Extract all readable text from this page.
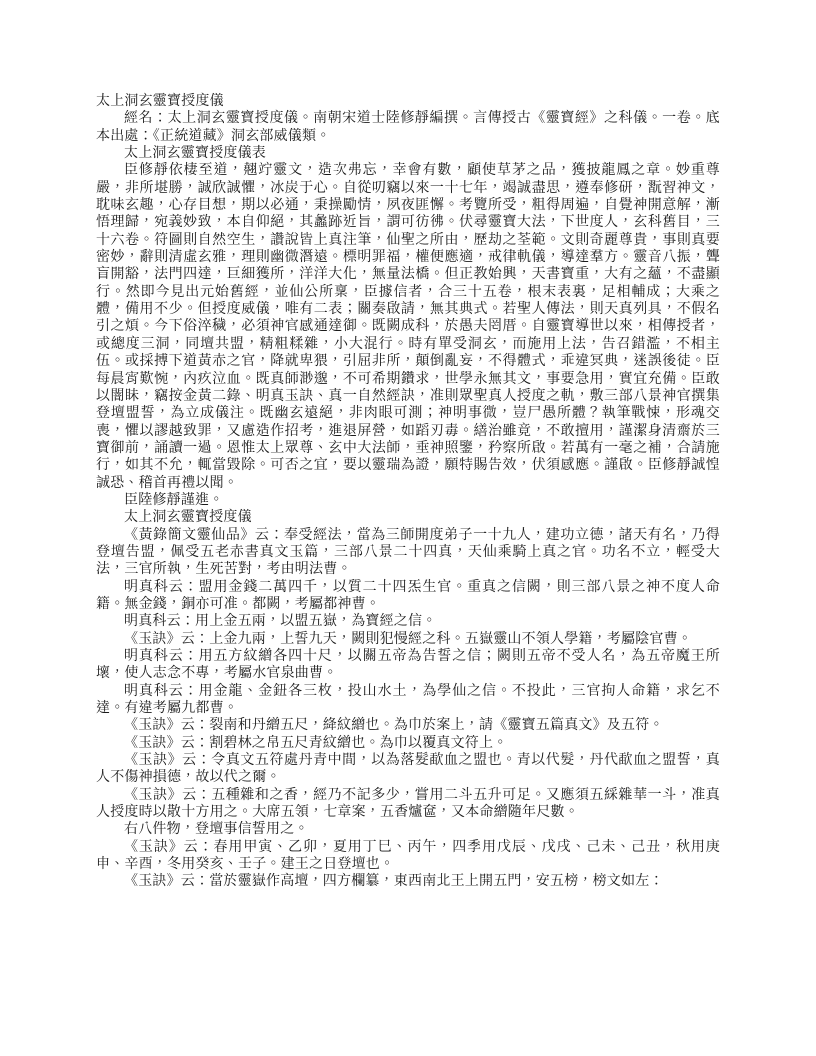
太上洞玄靈寶授度儀

經名：太上洞玄靈寶授度儀。南朝宋道士陸修靜編撰。言傳授古《靈寶經》之科儀。一卷。底本出處：《正統道藏》洞玄部威儀類。

太上洞玄靈寶授度儀表

臣修靜依棲至道，翹竚靈文，造次弗忘，幸會有數，顧使草茅之品，獲披龍鳳之章。妙重尊嚴，非所堪勝，誠欣誠懼，冰炭于心。自從叨竊以來一十七年，竭誠盡思，遵奉修研，翫習神文，耽味玄趣，心存目想，期以必通，秉操勵情，夙夜匪懈。考覽所受，粗得周遍，自覺神開意解，漸悟理歸，宛義妙致，本自仰絕，其蠡跡近旨，謂可彷彿。伏尋靈寶大法，下世度人，玄科舊目，三十六卷。符圖則自然空生，讚說皆上真注筆，仙聖之所由，歷劫之荃範。文則奇麗尊貴，事則真要密妙，辭則清虛玄雅，理則幽微潛遠。標明罪福，權便應適，戒律軌儀，導達羣方。靈音八振，聾盲開豁，法門四達，巨細獲所，洋洋大化，無量法橋。但正教始興，天書寶重，大有之蘊，不盡顯行。然即今見出元始舊經，並仙公所稟，臣據信者，合三十五卷，根末表裏，足相輔成；大乘之體，備用不少。但授度威儀，唯有二表；關奏啟請，無其典式。若聖人傳法，則天真列具，不假名引之煩。今下俗淬穢，必須神官感通達御。既闕成科，於愚夫罔厝。自靈寶導世以來，相傳授者，或總度三洞，同壇共盟，精粗糅雜，小大混行。時有單受洞玄，而施用上法，告召錯濫，不相主伍。或採搏下道黃赤之官，降就卑猥，引屈非所，顛倒亂妄，不得體式，乖違冥典，迷誤後徒。臣每晨宵歎惋，內疚泣血。既真師渺邈，不可希期鑽求，世學永無其文，事要急用，實宜充備。臣敢以闇眛，竊按金黃二錄、明真玉訣、真一自然經訣，准則眾聖真人授度之軌，敷三部八景神官撰集登壇盟誓，為立成儀注。既幽玄遠絕，非肉眼可測；神明事微，豈尸愚所體？執筆戰悚，形魂交喪，懼以謬越致罪，又慮造作招考，進退屏營，如蹈刃毒。繕治雖竟，不敢擅用，謹潔身清齋於三寶御前，誦讀一過。恩惟太上眾尊、玄中大法師，垂神照鑒，矜察所啟。若萬有一毫之補，合請施行，如其不允，輒當毀除。可否之宜，要以靈瑞為證，願特賜告效，伏須感應。謹啟。臣修靜誠惶誠恐、稽首再禮以聞。

臣陸修靜謹進。

太上洞玄靈寶授度儀

《黃錄簡文靈仙品》云：奉受經法，當為三師開度弟子一十九人，建功立德，諸天有名，乃得登壇告盟，佩受五老赤書真文玉篇，三部八景二十四真，天仙乘騎上真之官。功名不立，輕受大法，三官所執，生死苦對，考由明法曹。

明真科云：盟用金錢二萬四千，以質二十四炁生官。重真之信闕，則三部八景之神不度人命籍。無金錢，銅亦可准。都闕，考屬都神曹。

明真科云：用上金五兩，以盟五嶽，為寶經之信。

《玉訣》云：上金九兩，上誓九天，闕則犯慢經之科。五嶽靈山不領人學籍，考屬陰官曹。

明真科云：用五方紋繒各四十尺，以關五帝為告誓之信；闕則五帝不受人名，為五帝魔王所壞，使人志念不專，考屬水官泉曲曹。

明真科云：用金龍、金鈕各三枚，投山水土，為學仙之信。不投此，三官拘人命籍，求乞不達。有違考屬九都曹。

《玉訣》云：裂南和丹繒五尺，絳紋繒也。為巾於案上，請《靈寶五篇真文》及五符。

《玉訣》云：割碧林之帛五尺青紋繒也。為巾以覆真文符上。

《玉訣》云：令真文五符處丹青中間，以為落髮歃血之盟也。青以代髮，丹代歃血之盟誓，真人不傷神損德，故以代之爾。

《玉訣》云：五種雜和之香，經乃不記多少，嘗用二斗五升可足。又應須五綵雜華一斗，准真人授度時以散十方用之。大席五領，七章案，五香爐奩，又本命繒隨年尺數。

右八件物，登壇事信誓用之。

《玉訣》云：春用甲寅、乙卯，夏用丁巳、丙午，四季用戊辰、戊戌、己未、己丑，秋用庚申、辛酉，冬用癸亥、壬子。建王之日登壇也。

《玉訣》云：當於靈嶽作高壇，四方欄簒，東西南北王上開五門，安五榜，榜文如左：
